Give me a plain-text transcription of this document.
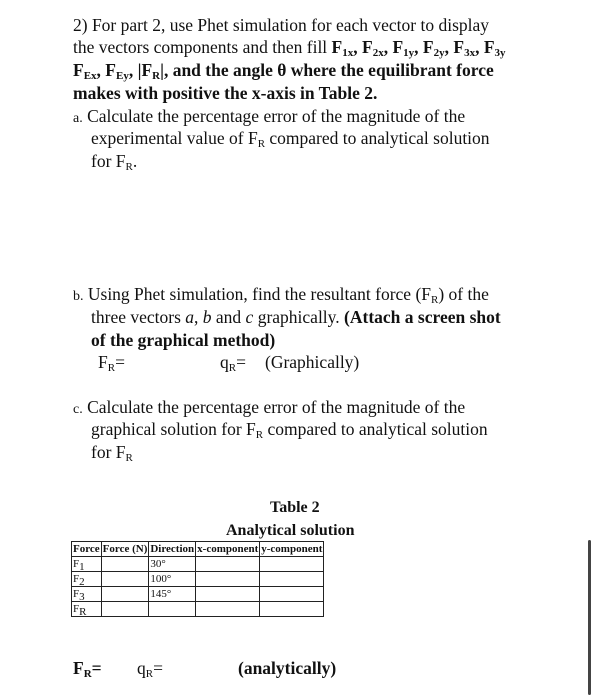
2) For part 2, use Phet simulation for each vector to display
the vectors components and then fill $F_{1x}$, $F_{2x}$, $F_{1y}$, $F_{2y}$, $F_{3x}$, $F_{3y}$
$F_{Ex}$, $F_{Ey}$, $|F_R|$, and the angle θ where the equilibrant force
makes with positive the x-axis in Table 2.
a. Calculate the percentage error of the magnitude of the
experimental value of $F_R$ compared to analytical solution
for $F_R$.
b. Using Phet simulation, find the resultant force $(F_R)$ of the
three vectors a, b and c graphically. (Attach a screen shot
of the graphical method)
$F_R=$	$q_R=$ (Graphically)
c. Calculate the percentage error of the magnitude of the
graphical solution for $F_R$ compared to analytical solution
for $F_R$
Table 2
Analytical solution
Force	Force (N)	Direction	x-component	y-component
$F_1$		30°		
$F_2$		100°		
$F_3$		145°		
$F_R$				
$F_R= q_R=$	(analytically)
